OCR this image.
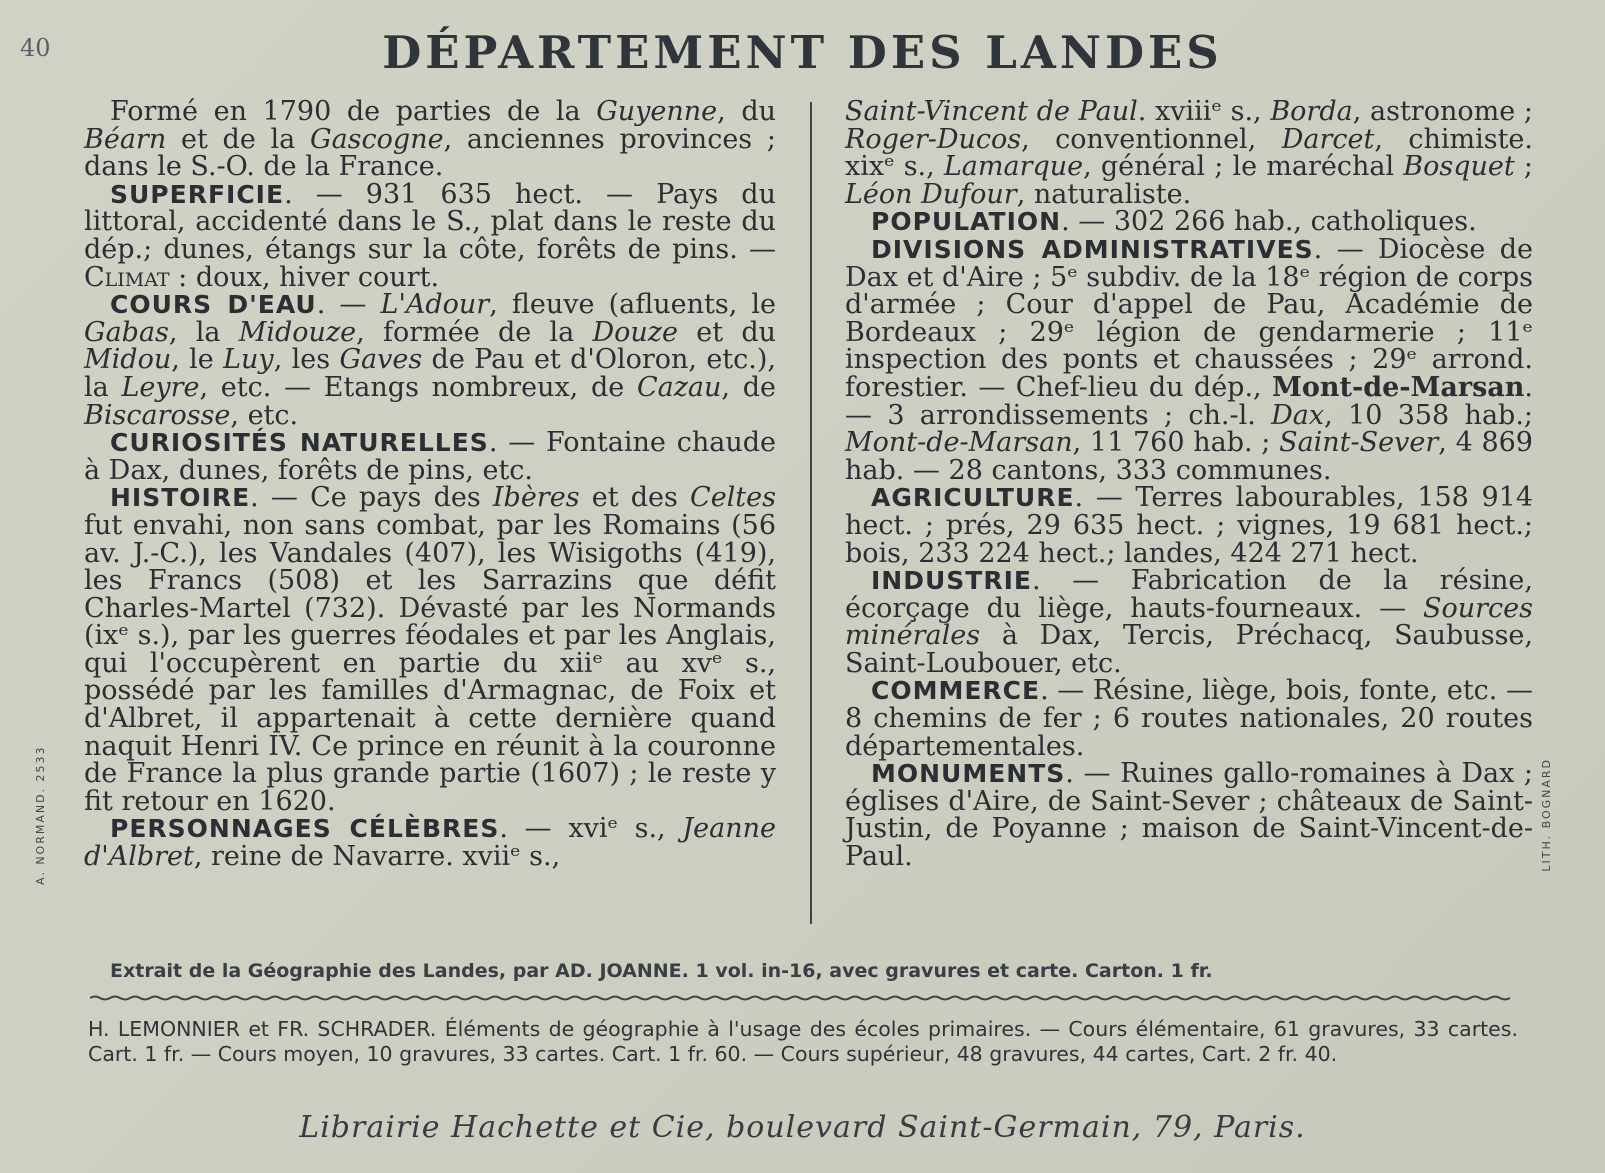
40	DÉPARTEMENT DES LANDES

Formé en 1790 de parties de la Guyenne, du Béarn et de la Gascogne, anciennes provinces ; dans le S.-O. de la France.

SUPERFICIE. — 931 635 hect. — Pays du littoral, accidenté dans le S., plat dans le reste du dép.; dunes, étangs sur la côte, forêts de pins. — Climat : doux, hiver court.

COURS D'EAU. — L'Adour, fleuve (afluents, le Gabas, la Midouze, formée de la Douze et du Midou, le Luy, les Gaves de Pau et d'Oloron, etc.), la Leyre, etc. — Etangs nombreux, de Cazau, de Biscarosse, etc.

CURIOSITÉS NATURELLES. — Fontaine chaude à Dax, dunes, forêts de pins, etc.

HISTOIRE. — Ce pays des Ibères et des Celtes fut envahi, non sans combat, par les Romains (56 av. J.-C.), les Vandales (407), les Wisigoths (419), les Francs (508) et les Sarrazins que défit Charles-Martel (732). Dévasté par les Normands (ixᵉ s.), par les guerres féodales et par les Anglais, qui l'occupèrent en partie du xiiᵉ au xvᵉ s., possédé par les familles d'Armagnac, de Foix et d'Albret, il appartenait à cette dernière quand naquit Henri IV. Ce prince en réunit à la couronne de France la plus grande partie (1607) ; le reste y fit retour en 1620.

PERSONNAGES CÉLÈBRES. — xviᵉ s., Jeanne d'Albret, reine de Navarre. xviiᵉ s.,

Saint-Vincent de Paul. xviiiᵉ s., Borda, astronome ; Roger-Ducos, conventionnel, Darcet, chimiste. xixᵉ s., Lamarque, général ; le maréchal Bosquet ; Léon Dufour, naturaliste.

POPULATION. — 302 266 hab., catholiques.

DIVISIONS ADMINISTRATIVES. — Diocèse de Dax et d'Aire ; 5ᵉ subdiv. de la 18ᵉ région de corps d'armée ; Cour d'appel de Pau, Académie de Bordeaux ; 29ᵉ légion de gendarmerie ; 11ᵉ inspection des ponts et chaussées ; 29ᵉ arrond. forestier. — Chef-lieu du dép., Mont-de-Marsan. — 3 arrondissements ; ch.-l. Dax, 10 358 hab.; Mont-de-Marsan, 11 760 hab. ; Saint-Sever, 4 869 hab. — 28 cantons, 333 communes.

AGRICULTURE. — Terres labourables, 158 914 hect. ; prés, 29 635 hect. ; vignes, 19 681 hect.; bois, 233 224 hect.; landes, 424 271 hect.

INDUSTRIE. — Fabrication de la résine, écorçage du liège, hauts-fourneaux. — Sources minérales à Dax, Tercis, Préchacq, Saubusse, Saint-Loubouer, etc.

COMMERCE. — Résine, liège, bois, fonte, etc. — 8 chemins de fer ; 6 routes nationales, 20 routes départementales.

MONUMENTS. — Ruines gallo-romaines à Dax ; églises d'Aire, de Saint-Sever ; châteaux de Saint-Justin, de Poyanne ; maison de Saint-Vincent-de-Paul.

A. NORMAND. 2533	LITH. BOGNARD
Extrait de la Géographie des Landes, par AD. JOANNE. 1 vol. in-16, avec gravures et carte. Carton. 1 fr.
H. LEMONNIER et FR. SCHRADER. Éléments de géographie à l'usage des écoles primaires. — Cours élémentaire, 61 gravures, 33 cartes. Cart. 1 fr. — Cours moyen, 10 gravures, 33 cartes. Cart. 1 fr. 60. — Cours supérieur, 48 gravures, 44 cartes, Cart. 2 fr. 40.
Librairie Hachette et Cie, boulevard Saint-Germain, 79, Paris.
